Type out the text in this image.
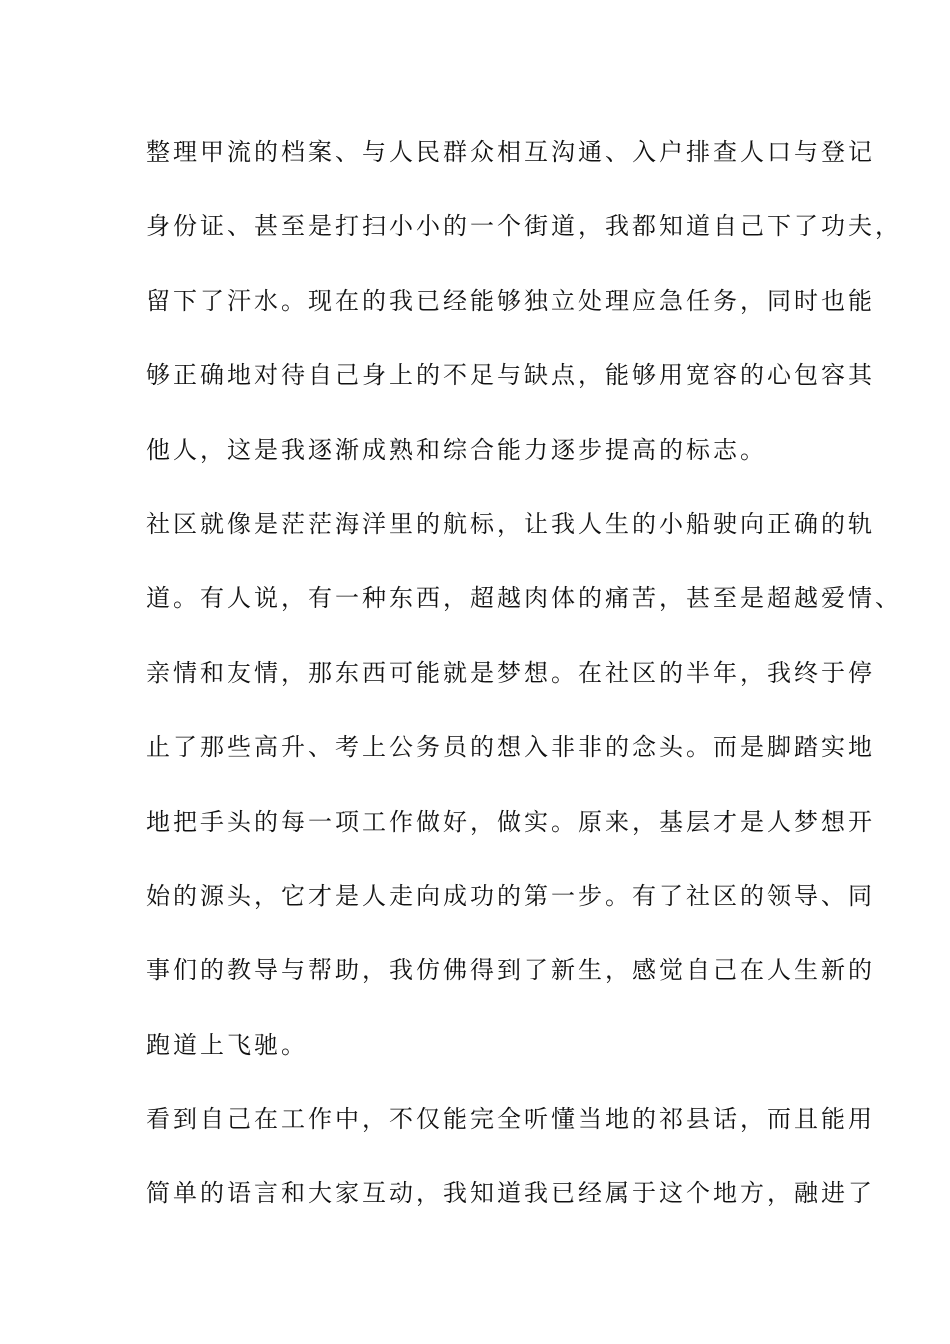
整理甲流的档案、与人民群众相互沟通、入户排查人口与登记
身份证、甚至是打扫小小的一个街道，我都知道自己下了功夫，
留下了汗水。现在的我已经能够独立处理应急任务，同时也能
够正确地对待自己身上的不足与缺点，能够用宽容的心包容其
他人，这是我逐渐成熟和综合能力逐步提高的标志。
社区就像是茫茫海洋里的航标，让我人生的小船驶向正确的轨
道。有人说，有一种东西，超越肉体的痛苦，甚至是超越爱情、
亲情和友情，那东西可能就是梦想。在社区的半年，我终于停
止了那些高升、考上公务员的想入非非的念头。而是脚踏实地
地把手头的每一项工作做好，做实。原来，基层才是人梦想开
始的源头，它才是人走向成功的第一步。有了社区的领导、同
事们的教导与帮助，我仿佛得到了新生，感觉自己在人生新的
跑道上飞驰。
看到自己在工作中，不仅能完全听懂当地的祁县话，而且能用
简单的语言和大家互动，我知道我已经属于这个地方，融进了
